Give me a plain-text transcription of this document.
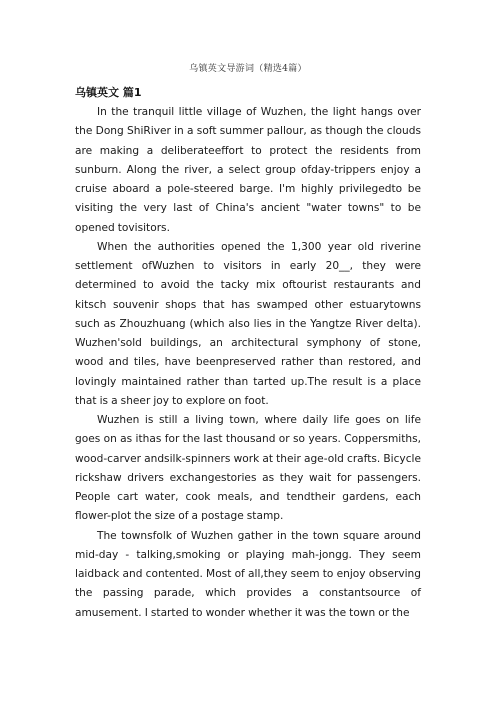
乌镇英文导游词（精选4篇）
乌镇英文 篇1

In the tranquil little village of Wuzhen, the light hangs over the Dong ShiRiver in a soft summer pallour, as though the clouds are making a deliberateeffort to protect the residents from sunburn. Along the river, a select group ofday-trippers enjoy a cruise aboard a pole-steered barge. I'm highly privilegedto be visiting the very last of China's ancient "water towns" to be opened tovisitors.

When the authorities opened the 1,300 year old riverine settlement ofWuzhen to visitors in early 20__, they were determined to avoid the tacky mix oftourist restaurants and kitsch souvenir shops that has swamped other estuarytowns such as Zhouzhuang (which also lies in the Yangtze River delta). Wuzhen'sold buildings, an architectural symphony of stone, wood and tiles, have beenpreserved rather than restored, and lovingly maintained rather than tarted up.The result is a place that is a sheer joy to explore on foot.

Wuzhen is still a living town, where daily life goes on life goes on as ithas for the last thousand or so years. Coppersmiths, wood-carver andsilk-spinners work at their age-old crafts. Bicycle rickshaw drivers exchangestories as they wait for passengers. People cart water, cook meals, and tendtheir gardens, each flower-plot the size of a postage stamp.

The townsfolk of Wuzhen gather in the town square around mid-day - talking,smoking or playing mah-jongg. They seem laidback and contented. Most of all,they seem to enjoy observing the passing parade, which provides a constantsource of amusement. I started to wonder whether it was the town or the
